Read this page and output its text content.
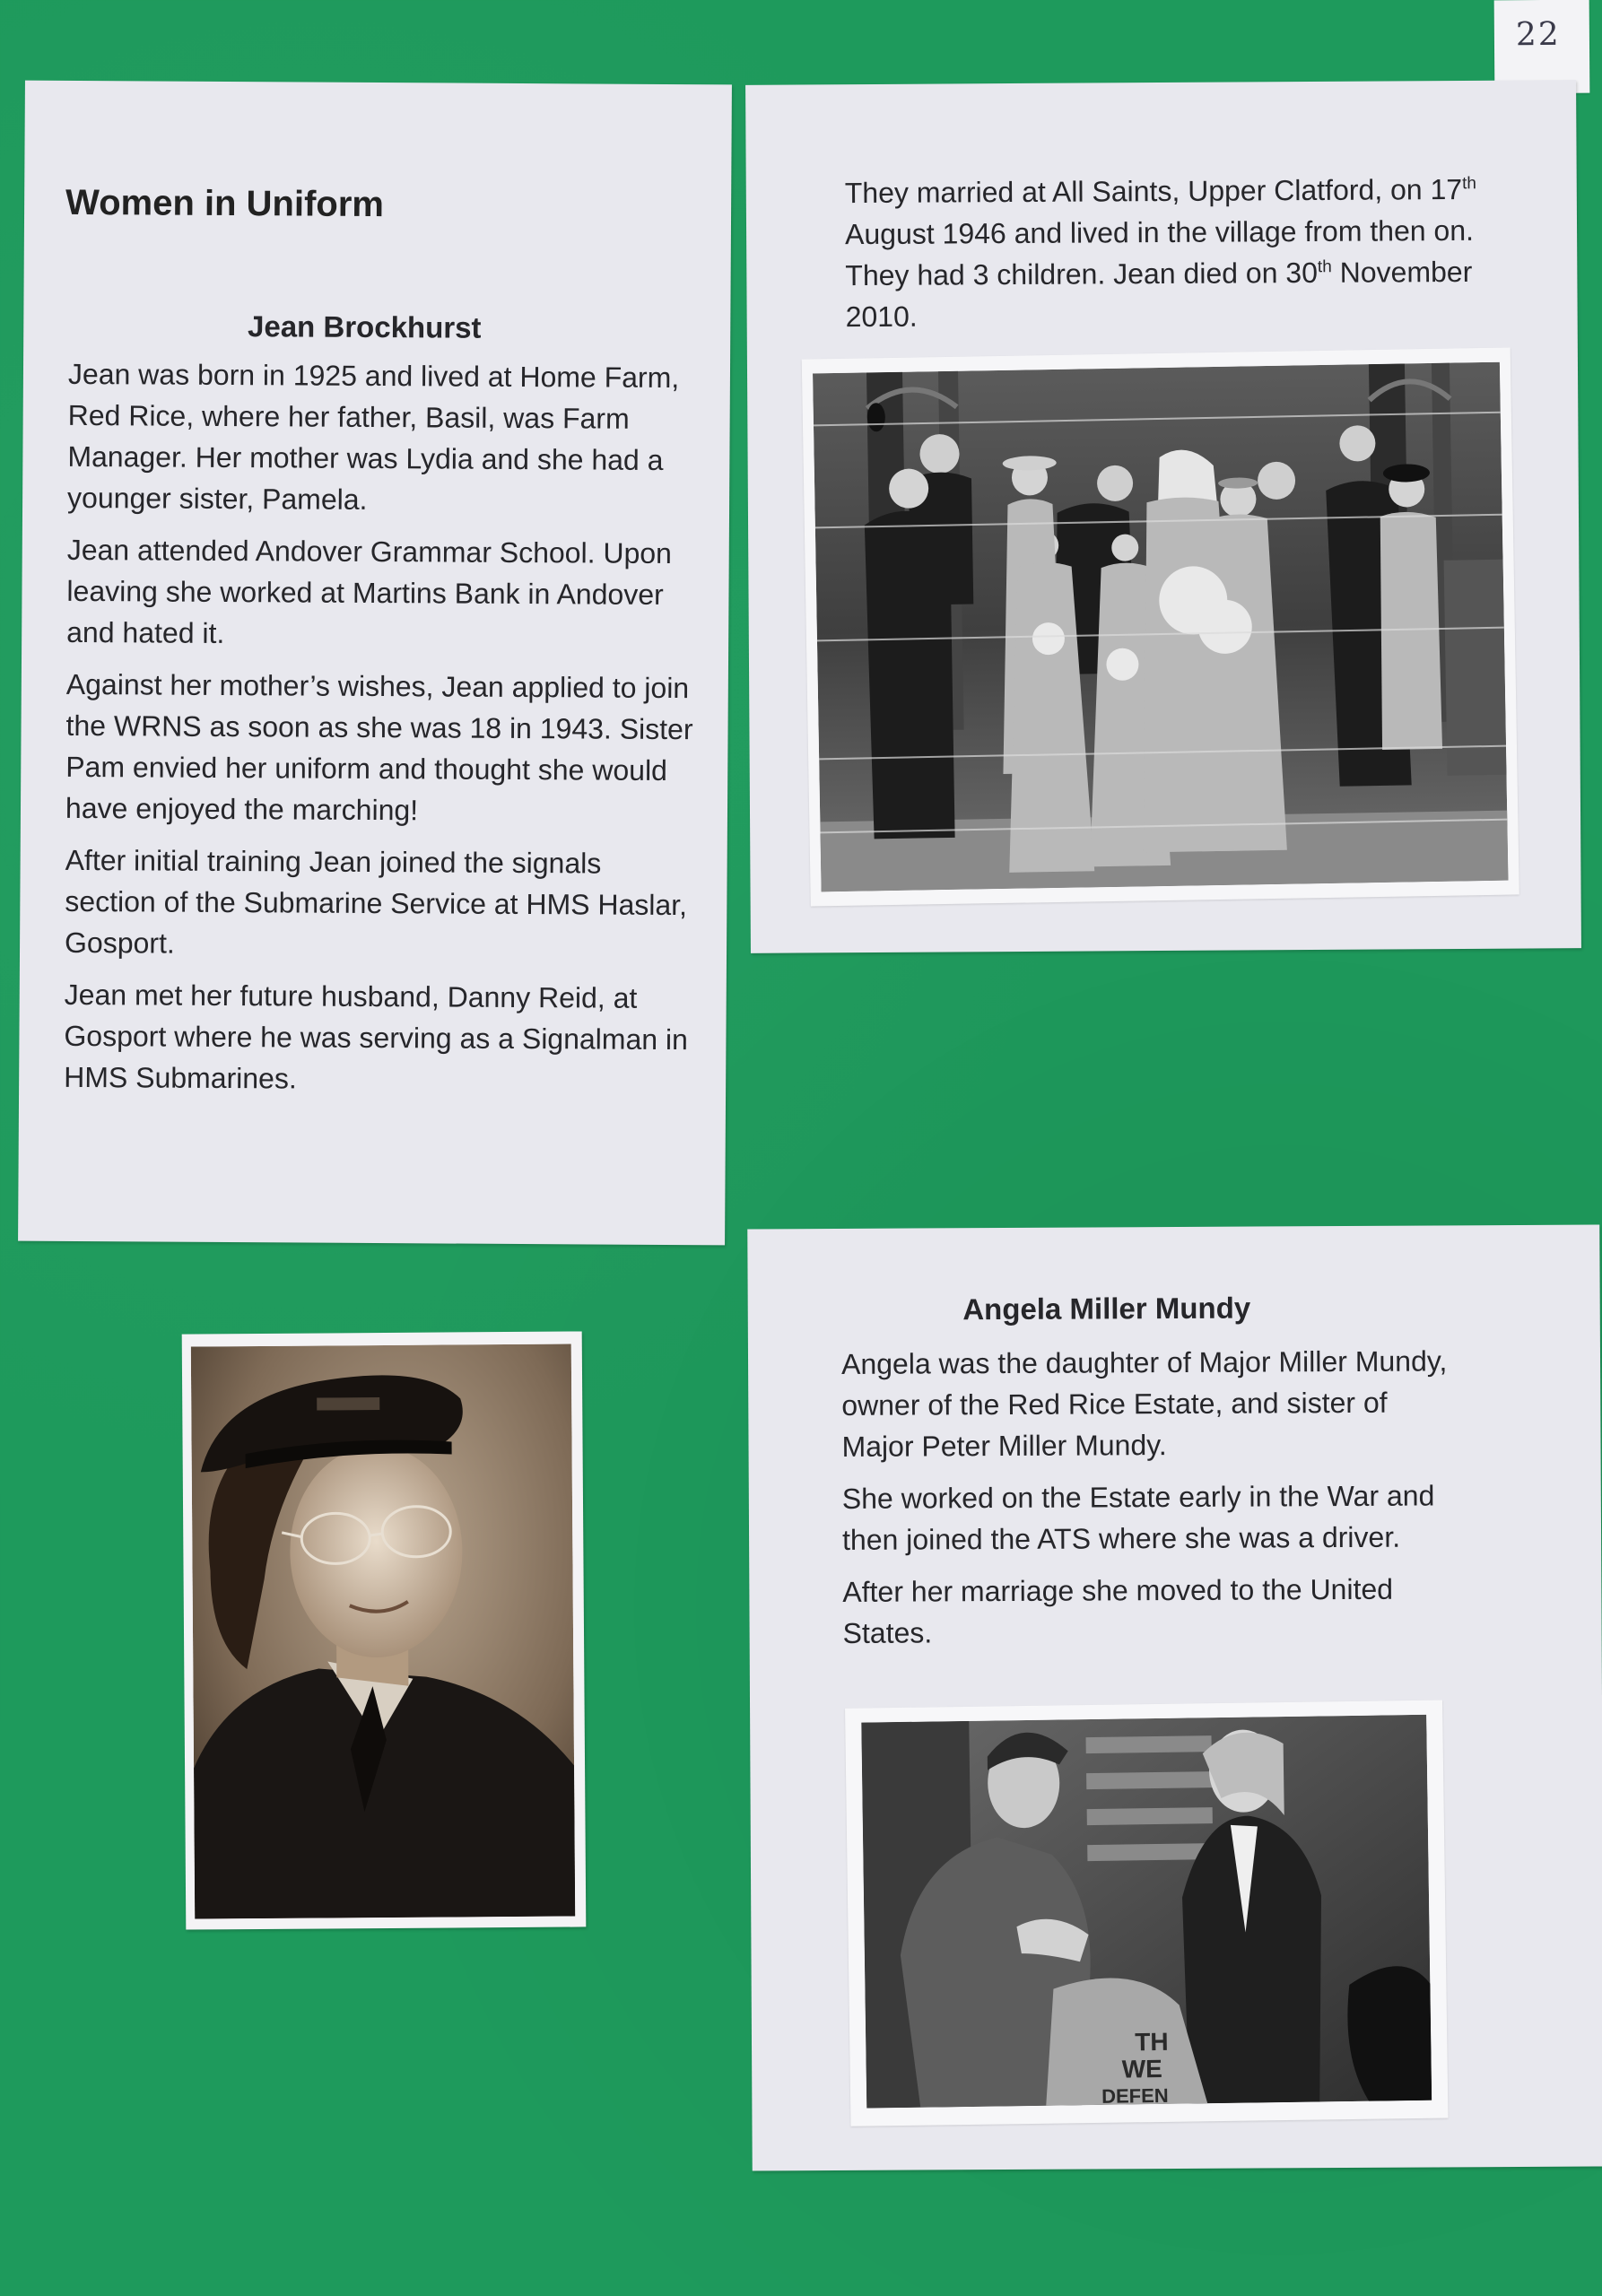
22
Women in Uniform
Jean Brockhurst

Jean was born in 1925 and lived at Home Farm, Red Rice, where her father, Basil, was Farm Manager. Her mother was Lydia and she had a younger sister, Pamela.

Jean attended Andover Grammar School. Upon leaving she worked at Martins Bank in Andover and hated it.

Against her mother’s wishes, Jean applied to join the WRNS as soon as she was 18 in 1943. Sister Pam envied her uniform and thought she would have enjoyed the marching!

After initial training Jean joined the signals section of the Submarine Service at HMS Haslar, Gosport.

Jean met her future husband, Danny Reid, at Gosport where he was serving as a Signalman in HMS Submarines.

They married at All Saints, Upper Clatford, on 17th August 1946 and lived in the village from then on. They had 3 children. Jean died on 30th November 2010.
Angela Miller Mundy

Angela was the daughter of Major Miller Mundy, owner of the Red Rice Estate, and sister of Major Peter Miller Mundy.

She worked on the Estate early in the War and then joined the ATS where she was a driver.

After her marriage she moved to the United States.

TH
WE
DEFEN
